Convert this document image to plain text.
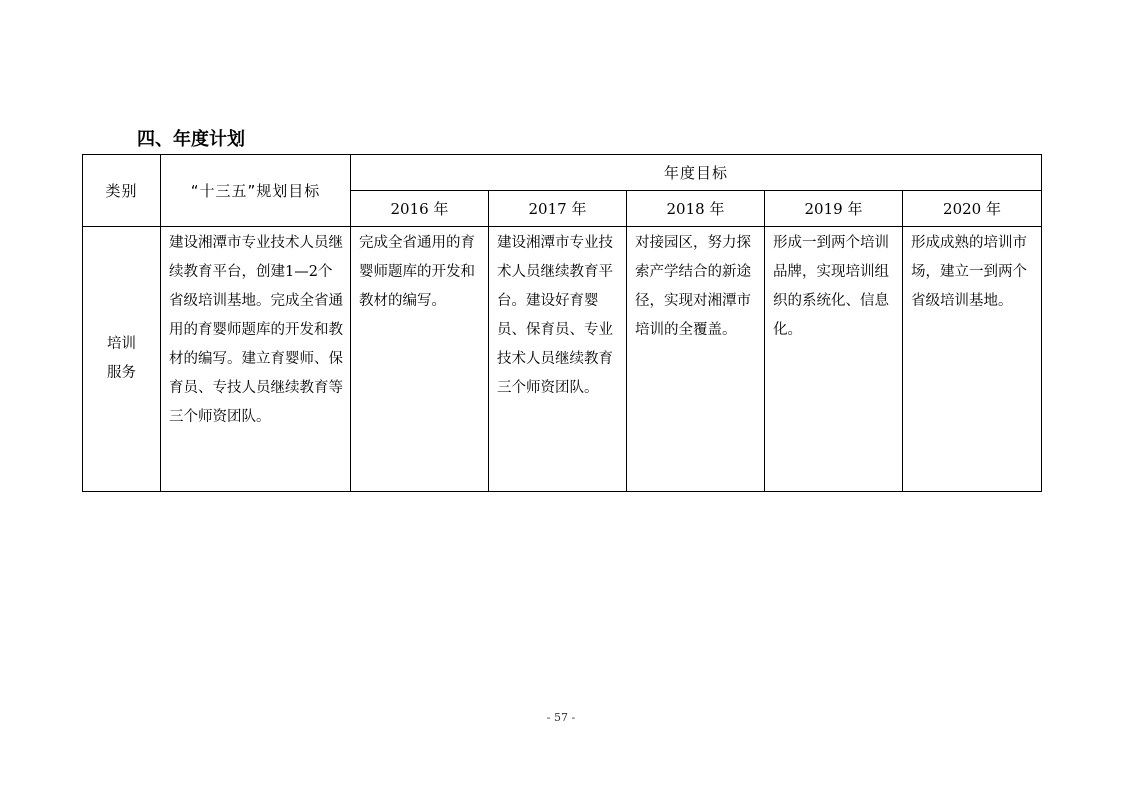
四、年度计划
类别	“十三五”规划目标	年度目标				
		2016 年	2017 年	2018 年	2019 年	2020 年
培训服务	建设湘潭市专业技术人员继续教育平台，创建1—2个省级培训基地。完成全省通用的育婴师题库的开发和教材的编写。建立育婴师、保育员、专技人员继续教育等三个师资团队。	完成全省通用的育婴师题库的开发和教材的编写。	建设湘潭市专业技术人员继续教育平台。建设好育婴员、保育员、专业技术人员继续教育三个师资团队。	对接园区，努力探索产学结合的新途径，实现对湘潭市培训的全覆盖。	形成一到两个培训品牌，实现培训组织的系统化、信息化。	形成成熟的培训市场，建立一到两个省级培训基地。
- 57 -
